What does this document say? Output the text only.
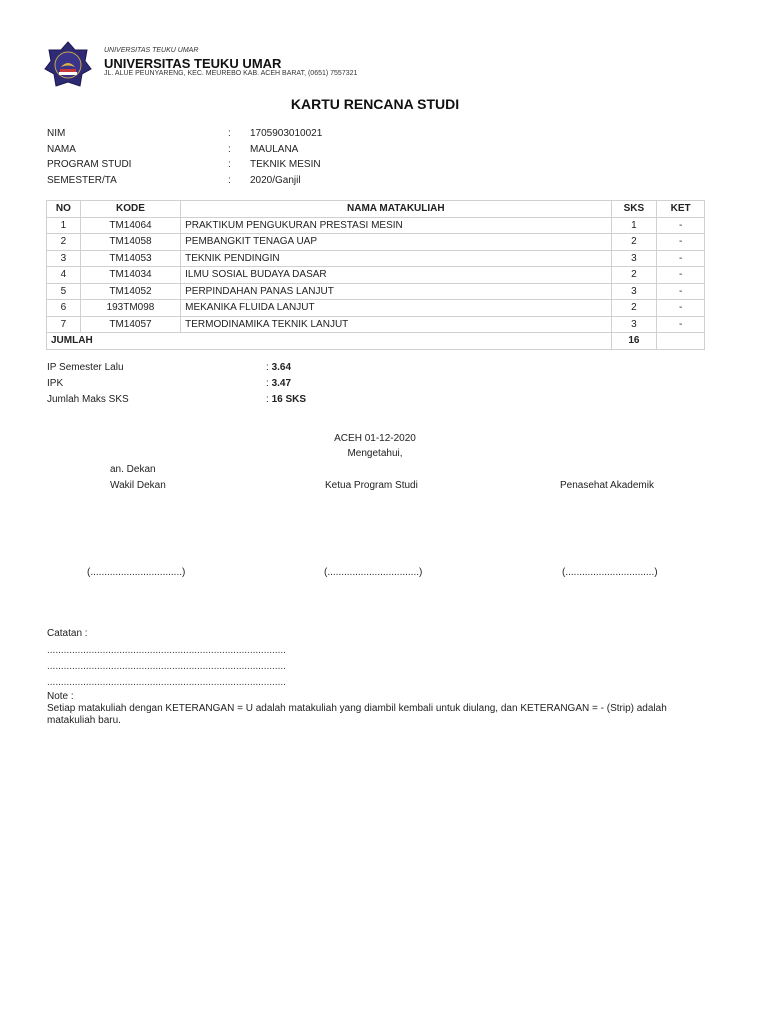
UNIVERSITAS TEUKU UMAR
UNIVERSITAS TEUKU UMAR
JL. ALUE PEUNYARENG, KEC. MEUREBO KAB. ACEH BARAT, (0651) 7557321
KARTU RENCANA STUDI
NIM	: 1705903010021
NAMA	: MAULANA
PROGRAM STUDI	: TEKNIK MESIN
SEMESTER/TA	: 2020/Ganjil
NO	KODE	NAMA MATAKULIAH	SKS	KET
1	TM14064	PRAKTIKUM PENGUKURAN PRESTASI MESIN	1	-
2	TM14058	PEMBANGKIT TENAGA UAP	2	-
3	TM14053	TEKNIK PENDINGIN	3	-
4	TM14034	ILMU SOSIAL BUDAYA DASAR	2	-
5	TM14052	PERPINDAHAN PANAS LANJUT	3	-
6	193TM098	MEKANIKA FLUIDA LANJUT	2	-
7	TM14057	TERMODINAMIKA TEKNIK LANJUT	3	-
JUMLAH			16	
IP Semester Lalu	: 3.64
IPK	: 3.47
Jumlah Maks SKS	: 16 SKS
ACEH 01-12-2020
Mengetahui,
an. Dekan
Wakil Dekan	Ketua Program Studi	Penasehat Akademik
(.................................)	(.................................)	(................................)
Catatan :
......................................................................................
......................................................................................
......................................................................................
Note :
Setiap matakuliah dengan KETERANGAN = U adalah matakuliah yang diambil kembali untuk diulang, dan KETERANGAN = - (Strip) adalah matakuliah baru.
